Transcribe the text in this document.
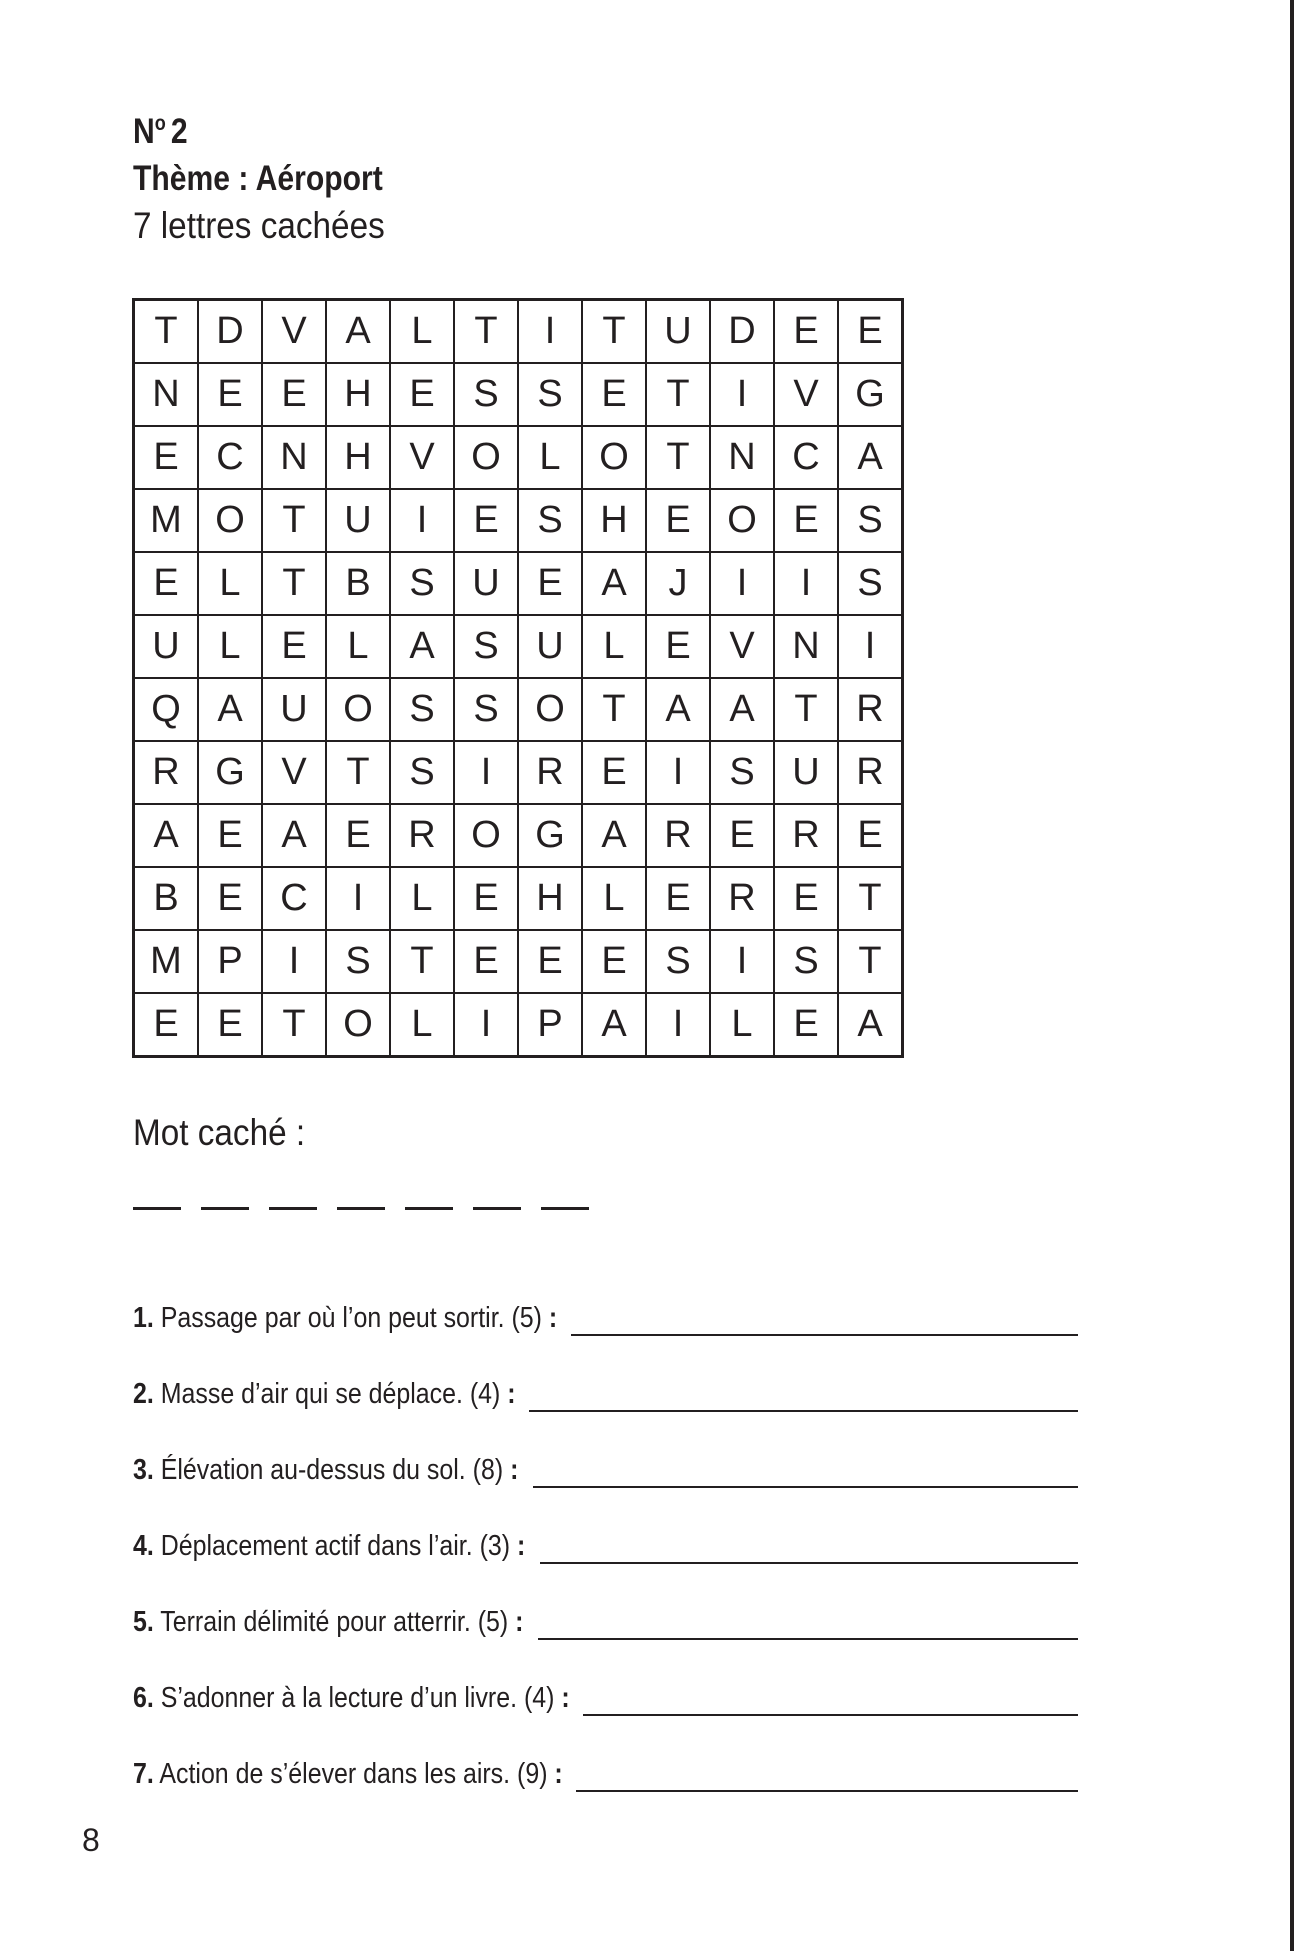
$N^o$ 2
Thème : Aéroport
7 lettres cachées
T	D	V	A	L	T	I	T	U	D	E	E
N	E	E	H	E	S	S	E	T	I	V	G
E	C	N	H	V	O	L	O	T	N	C	A
M	O	T	U	I	E	S	H	E	O	E	S
E	L	T	B	S	U	E	A	J	I	I	S
U	L	E	L	A	S	U	L	E	V	N	I
Q	A	U	O	S	S	O	T	A	A	T	R
R	G	V	T	S	I	R	E	I	S	U	R
A	E	A	E	R	O	G	A	R	E	R	E
B	E	C	I	L	E	H	L	E	R	E	T
M	P	I	S	T	E	E	E	S	I	S	T
E	E	T	O	L	I	P	A	I	L	E	A
Mot caché :
1. Passage par où l’on peut sortir. (5) :
2. Masse d’air qui se déplace. (4) :
3. Élévation au-dessus du sol. (8) :
4. Déplacement actif dans l’air. (3) :
5. Terrain délimité pour atterrir. (5) :
6. S’adonner à la lecture d’un livre. (4) :
7. Action de s’élever dans les airs. (9) :
8
